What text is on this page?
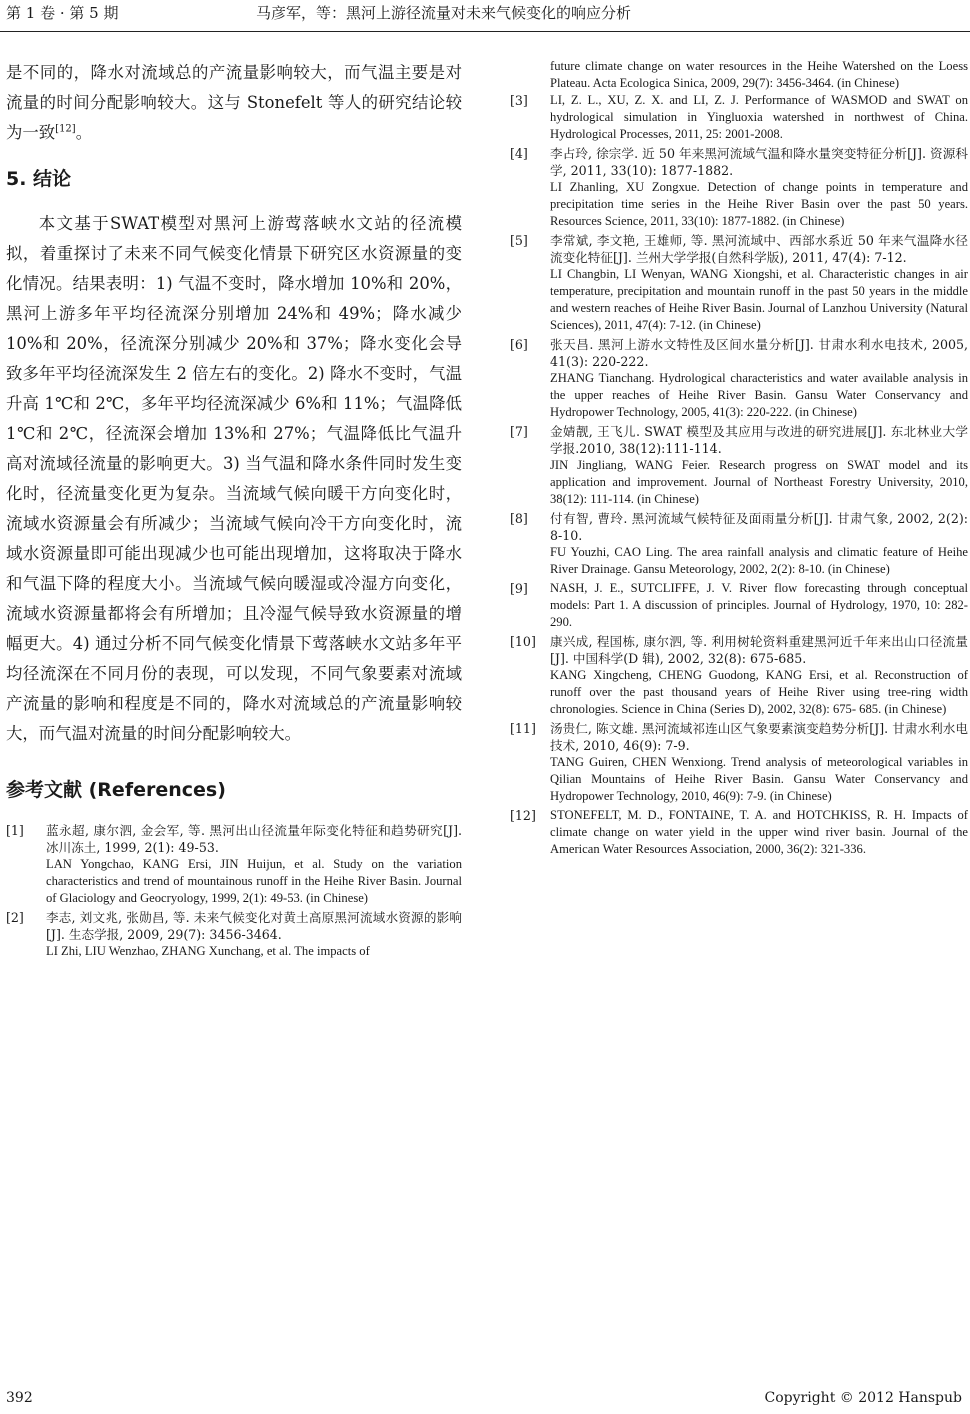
第 1 卷 · 第 5 期	马彦军，等：黑河上游径流量对未来气候变化的响应分析

是不同的，降水对流域总的产流量影响较大，而气温主要是对流量的时间分配影响较大。这与 Stonefelt 等人的研究结论较为一致[12]。

5. 结论

本文基于SWAT模型对黑河上游莺落峡水文站的径流模拟，着重探讨了未来不同气候变化情景下研究区水资源量的变化情况。结果表明：1) 气温不变时，降水增加 10%和 20%，黑河上游多年平均径流深分别增加 24%和 49%；降水减少 10%和 20%，径流深分别减少 20%和 37%；降水变化会导致多年平均径流深发生 2 倍左右的变化。2) 降水不变时，气温升高 1℃和 2℃，多年平均径流深减少 6%和 11%；气温降低 1℃和 2℃，径流深会增加 13%和 27%；气温降低比气温升高对流域径流量的影响更大。3) 当气温和降水条件同时发生变化时，径流量变化更为复杂。当流域气候向暖干方向变化时，流域水资源量会有所减少；当流域气候向冷干方向变化时，流域水资源量即可能出现减少也可能出现增加，这将取决于降水和气温下降的程度大小。当流域气候向暖湿或冷湿方向变化，流域水资源量都将会有所增加；且冷湿气候导致水资源量的增幅更大。4) 通过分析不同气候变化情景下莺落峡水文站多年平均径流深在不同月份的表现，可以发现，不同气象要素对流域产流量的影响和程度是不同的，降水对流域总的产流量影响较大，而气温对流量的时间分配影响较大。

参考文献 (References)
[1]	蓝永超, 康尔泗, 金会军, 等. 黑河出山径流量年际变化特征和趋势研究[J]. 冰川冻土, 1999, 2(1): 49-53.

LAN Yongchao, KANG Ersi, JIN Huijun, et al. Study on the variation characteristics and trend of mountainous runoff in the Heihe River Basin. Journal of Glaciology and Geocryology, 1999, 2(1): 49-53. (in Chinese)

[2]	李志, 刘文兆, 张勋昌, 等. 未来气候变化对黄土高原黑河流域水资源的影响[J]. 生态学报, 2009, 29(7): 3456-3464.

LI Zhi, LIU Wenzhao, ZHANG Xunchang, et al. The impacts of

future climate change on water resources in the Heihe Watershed on the Loess Plateau. Acta Ecologica Sinica, 2009, 29(7): 3456-3464. (in Chinese)

[3]	LI, Z. L., XU, Z. X. and LI, Z. J. Performance of WASMOD and SWAT on hydrological simulation in Yingluoxia watershed in northwest of China. Hydrological Processes, 2011, 25: 2001-2008.

[4]	李占玲, 徐宗学. 近 50 年来黑河流域气温和降水量突变特征分析[J]. 资源科学, 2011, 33(10): 1877-1882.

LI Zhanling, XU Zongxue. Detection of change points in temperature and precipitation time series in the Heihe River Basin over the past 50 years. Resources Science, 2011, 33(10): 1877-1882. (in Chinese)

[5]	李常斌, 李文艳, 王雄师, 等. 黑河流域中、西部水系近 50 年来气温降水径流变化特征[J]. 兰州大学学报(自然科学版), 2011, 47(4): 7-12.

LI Changbin, LI Wenyan, WANG Xiongshi, et al. Characteristic changes in air temperature, precipitation and mountain runoff in the past 50 years in the middle and western reaches of Heihe River Basin. Journal of Lanzhou University (Natural Sciences), 2011, 47(4): 7-12. (in Chinese)

[6]	张天昌. 黑河上游水文特性及区间水量分析[J]. 甘肃水利水电技术, 2005, 41(3): 220-222.

ZHANG Tianchang. Hydrological characteristics and water available analysis in the upper reaches of Heihe River Basin. Gansu Water Conservancy and Hydropower Technology, 2005, 41(3): 220-222. (in Chinese)

[7]	金婧靓, 王飞儿. SWAT 模型及其应用与改进的研究进展[J]. 东北林业大学学报.2010, 38(12):111-114.

JIN Jingliang, WANG Feier. Research progress on SWAT model and its application and improvement. Journal of Northeast Forestry University, 2010, 38(12): 111-114. (in Chinese)

[8]	付有智, 曹玲. 黑河流域气候特征及面雨量分析[J]. 甘肃气象, 2002, 2(2): 8-10.

FU Youzhi, CAO Ling. The area rainfall analysis and climatic feature of Heihe River Drainage. Gansu Meteorology, 2002, 2(2): 8-10. (in Chinese)

[9]	NASH, J. E., SUTCLIFFE, J. V. River flow forecasting through conceptual models: Part 1. A discussion of principles. Journal of Hydrology, 1970, 10: 282-290.

[10]	康兴成, 程国栋, 康尔泗, 等. 利用树轮资料重建黑河近千年来出山口径流量[J]. 中国科学(D 辑), 2002, 32(8): 675-685.

KANG Xingcheng, CHENG Guodong, KANG Ersi, et al. Reconstruction of runoff over the past thousand years of Heihe River using tree-ring width chronologies. Science in China (Series D), 2002, 32(8): 675- 685. (in Chinese)

[11]	汤贵仁, 陈文雄. 黑河流域祁连山区气象要素演变趋势分析[J]. 甘肃水利水电技术, 2010, 46(9): 7-9.

TANG Guiren, CHEN Wenxiong. Trend analysis of meteorological variables in Qilian Mountains of Heihe River Basin. Gansu Water Conservancy and Hydropower Technology, 2010, 46(9): 7-9. (in Chinese)

[12]	STONEFELT, M. D., FONTAINE, T. A. and HOTCHKISS, R. H. Impacts of climate change on water yield in the upper wind river basin. Journal of the American Water Resources Association, 2000, 36(2): 321-336.

392	Copyright © 2012 Hanspub
